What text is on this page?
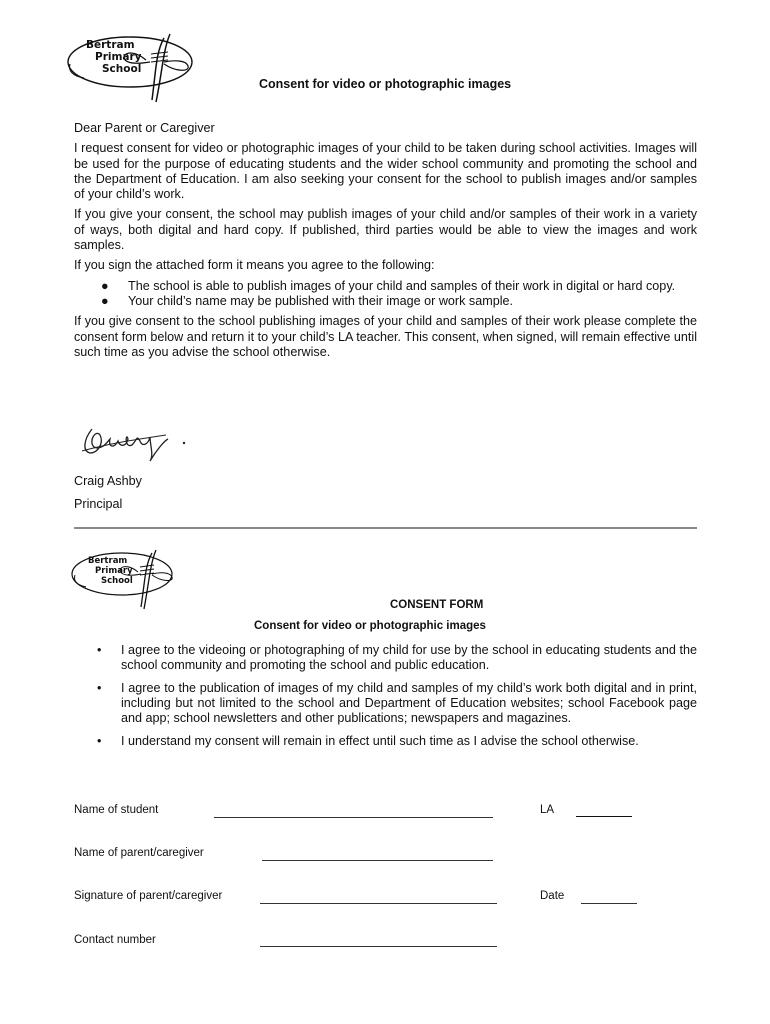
Bertram
Primary
School
Consent for video or photographic images

Dear Parent or Caregiver

I request consent for video or photographic images of your child to be taken during school activities. Images will be used for the purpose of educating students and the wider school community and promoting the school and the Department of Education. I am also seeking your consent for the school to publish images and/or samples of your child’s work.

If you give your consent, the school may publish images of your child and/or samples of their work in a variety of ways, both digital and hard copy. If published, third parties would be able to view the images and work samples.

If you sign the attached form it means you agree to the following:

● The school is able to publish images of your child and samples of their work in digital or hard copy.
● Your child’s name may be published with their image or work sample.

If you give consent to the school publishing images of your child and samples of their work please complete the consent form below and return it to your child’s LA teacher. This consent, when signed, will remain effective until such time as you advise the school otherwise.

Craig Ashby
Principal
Bertram
Primary
School
CONSENT FORM
Consent for video or photographic images
• I agree to the videoing or photographing of my child for use by the school in educating students and the school community and promoting the school and public education.
• I agree to the publication of images of my child and samples of my child’s work both digital and in print, including but not limited to the school and Department of Education websites; school Facebook page and app; school newsletters and other publications; newspapers and magazines.
• I understand my consent will remain in effect until such time as I advise the school otherwise.
Name of student	LA
Name of parent/caregiver
Signature of parent/caregiver	Date
Contact number
